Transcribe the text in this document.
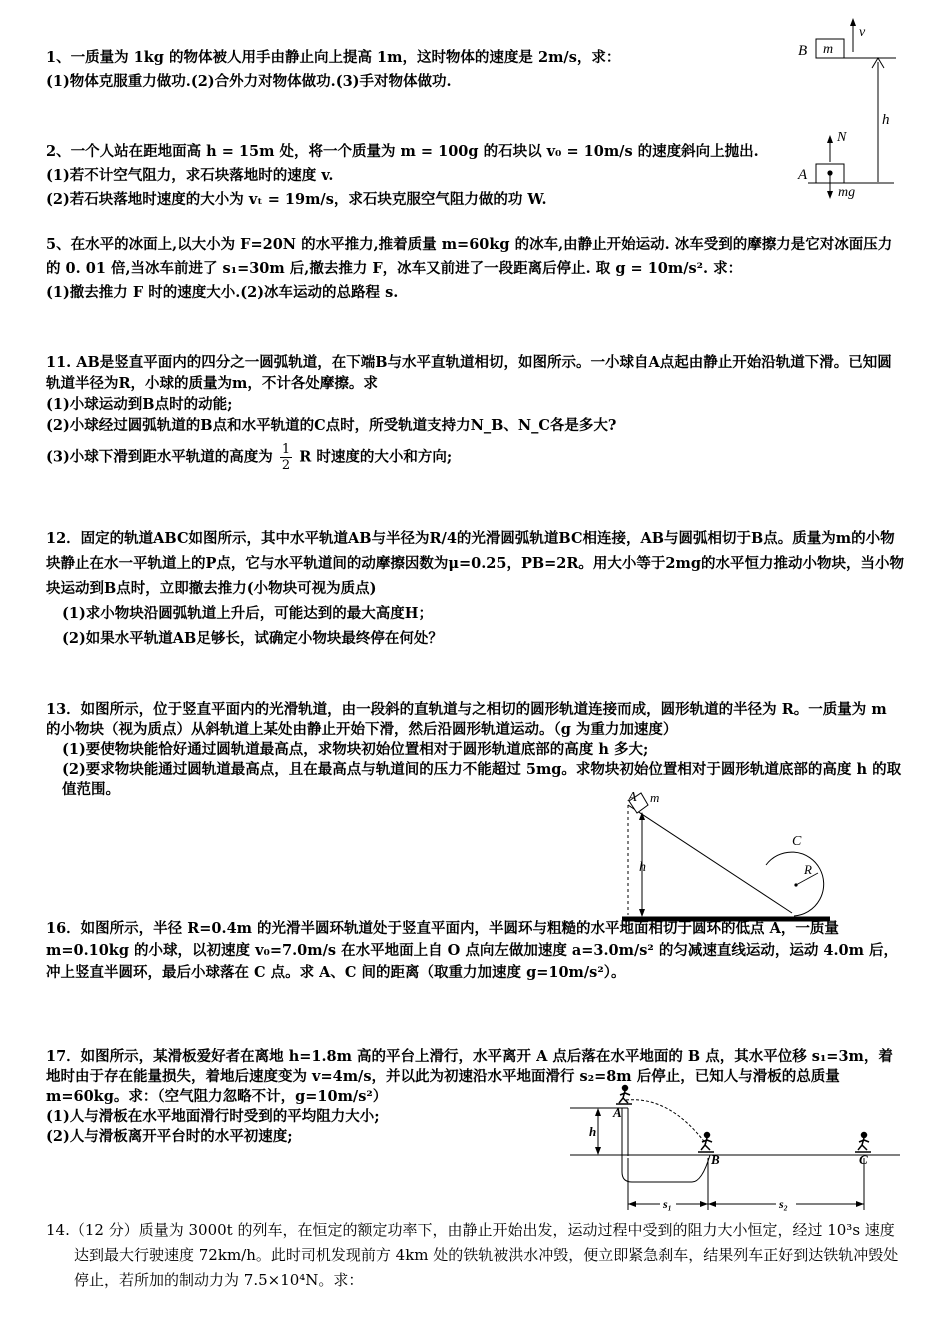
1、一质量为 1kg 的物体被人用手由静止向上提高 1m，这时物体的速度是 2m/s，求：

(1)物体克服重力做功.(2)合外力对物体做功.(3)手对物体做功.

m
B
v
h
N
mg
A

2、一个人站在距地面高 h = 15m 处，将一个质量为 m = 100g 的石块以 v₀ = 10m/s 的速度斜向上抛出.

(1)若不计空气阻力，求石块落地时的速度 v.

(2)若石块落地时速度的大小为 vₜ = 19m/s，求石块克服空气阻力做的功 W.

5、在水平的冰面上,以大小为 F=20N 的水平推力,推着质量 m=60kg 的冰车,由静止开始运动. 冰车受到的摩擦力是它对冰面压力的 0. 01 倍,当冰车前进了 s₁=30m 后,撤去推力 F，冰车又前进了一段距离后停止. 取 g = 10m/s². 求：

(1)撤去推力 F 时的速度大小.(2)冰车运动的总路程 s.

11. AB是竖直平面内的四分之一圆弧轨道，在下端B与水平直轨道相切，如图所示。一小球自A点起由静止开始沿轨道下滑。已知圆轨道半径为R，小球的质量为m，不计各处摩擦。求

(1)小球运动到B点时的动能;

(2)小球经过圆弧轨道的B点和水平轨道的C点时，所受轨道支持力N_B、N_C各是多大?

(3)小球下滑到距水平轨道的高度为 $\frac{1}{2}$ R 时速度的大小和方向;

12．固定的轨道ABC如图所示，其中水平轨道AB与半径为R/4的光滑圆弧轨道BC相连接，AB与圆弧相切于B点。质量为m的小物块静止在水一平轨道上的P点，它与水平轨道间的动摩擦因数为μ=0.25，PB=2R。用大小等于2mg的水平恒力推动小物块，当小物块运动到B点时，立即撤去推力(小物块可视为质点)

(1)求小物块沿圆弧轨道上升后，可能达到的最大高度H；

(2)如果水平轨道AB足够长，试确定小物块最终停在何处？

13．如图所示，位于竖直平面内的光滑轨道，由一段斜的直轨道与之相切的圆形轨道连接而成，圆形轨道的半径为 R。一质量为 m 的小物块（视为质点）从斜轨道上某处由静止开始下滑，然后沿圆形轨道运动。（g 为重力加速度）

(1)要使物块能恰好通过圆轨道最高点，求物块初始位置相对于圆形轨道底部的高度 h 多大;

(2)要求物块能通过圆轨道最高点，且在最高点与轨道间的压力不能超过 5mg。求物块初始位置相对于圆形轨道底部的高度 h 的取值范围。	A m
h	R
C

16．如图所示，半径 R=0.4m 的光滑半圆环轨道处于竖直平面内，半圆环与粗糙的水平地面相切于圆环的低点 A，一质量 m=0.10kg 的小球，以初速度 v₀=7.0m/s 在水平地面上自 O 点向左做加速度 a=3.0m/s² 的匀减速直线运动，运动 4.0m 后，冲上竖直半圆环，最后小球落在 C 点。求 A、C 间的距离（取重力加速度 g=10m/s²）。

17．如图所示，某滑板爱好者在离地 h=1.8m 高的平台上滑行，水平离开 A 点后落在水平地面的 B 点，其水平位移 s₁=3m，着地时由于存在能量损失，着地后速度变为 v=4m/s，并以此为初速沿水平地面滑行 s₂=8m 后停止，已知人与滑板的总质量 m=60kg。求：（空气阻力忽略不计，g=10m/s²）

(1)人与滑板在水平地面滑行时受到的平均阻力大小;

(2)人与滑板离开平台时的水平初速度;	h
A
B	C
s₁	s₂

14.（12 分）质量为 3000t 的列车，在恒定的额定功率下，由静止开始出发，运动过程中受到的阻力大小恒定，经过 10³s 速度达到最大行驶速度 72km/h。此时司机发现前方 4km 处的铁轨被洪水冲毁，便立即紧急刹车，结果列车正好到达铁轨冲毁处停止，若所加的制动力为 7.5×10⁴N。求：
